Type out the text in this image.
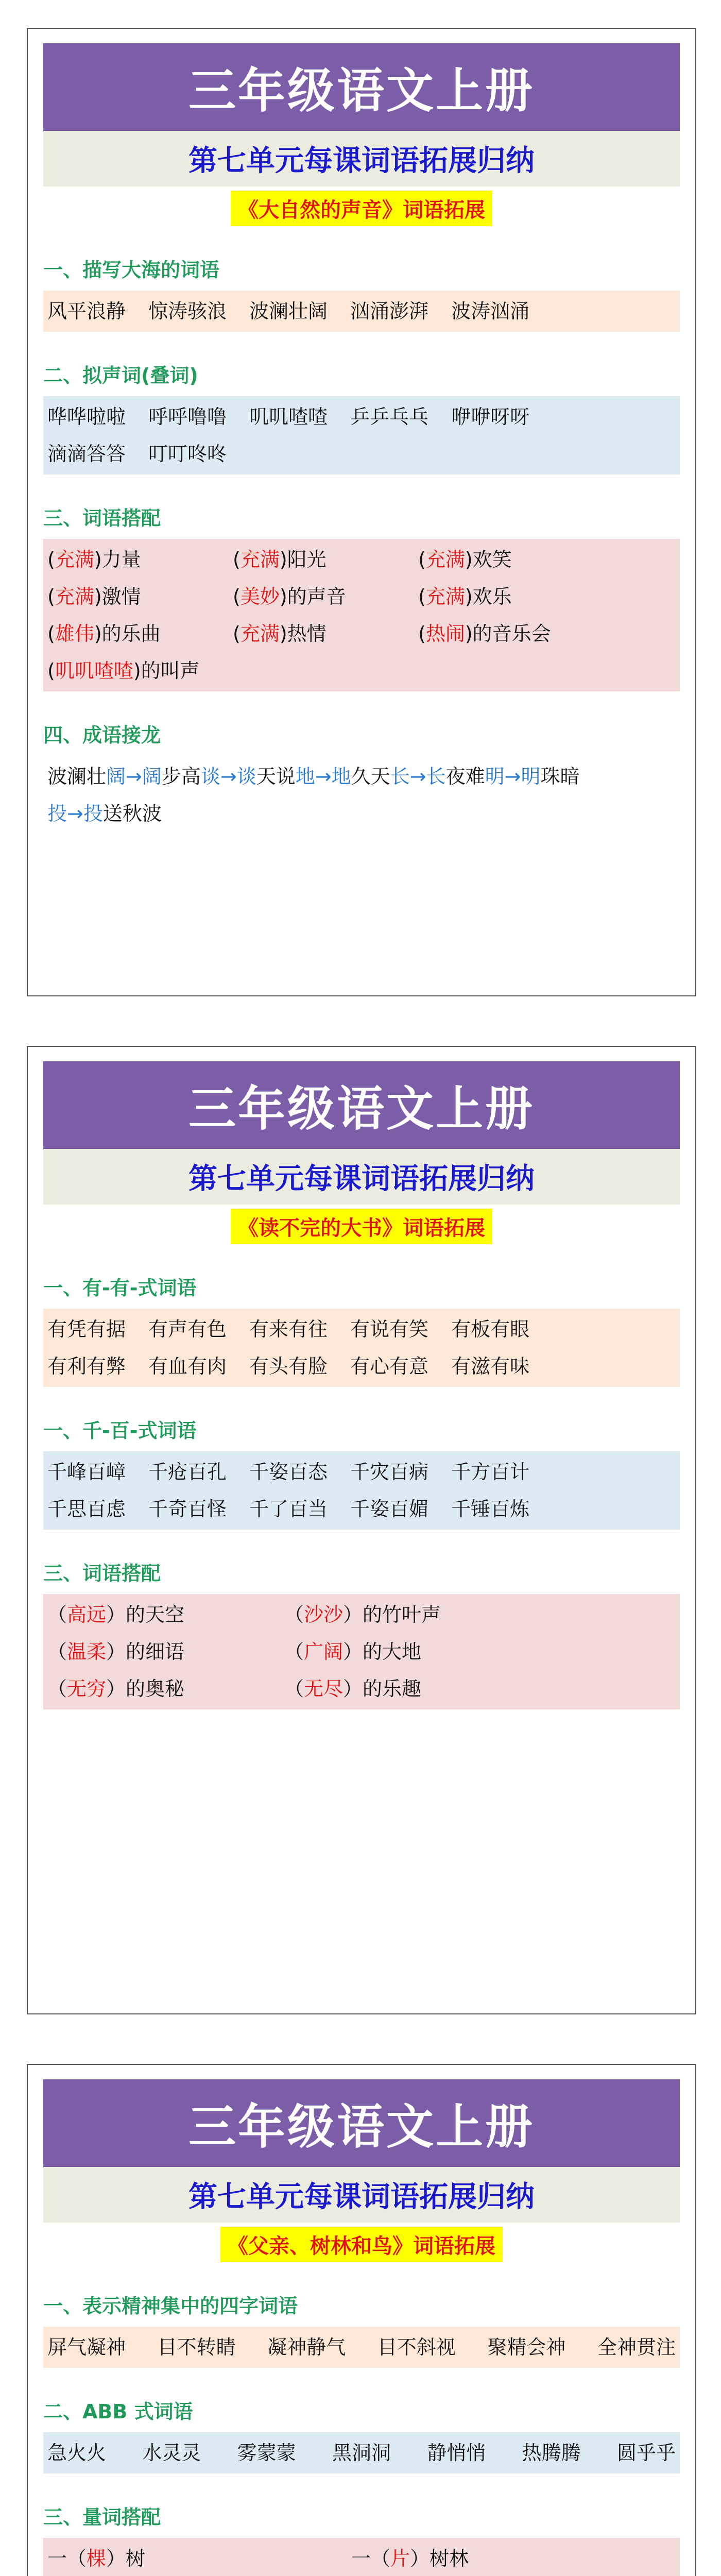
三年级语文上册
第七单元每课词语拓展归纳
《大自然的声音》词语拓展
一、描写大海的词语
风平浪静 惊涛骇浪 波澜壮阔 汹涌澎湃 波涛汹涌
二、拟声词(叠词)
哗哗啦啦 呼呼噜噜 叽叽喳喳 乒乒乓乓 咿咿呀呀
滴滴答答 叮叮咚咚
三、词语搭配
(充满)力量	(充满)阳光	(充满)欢笑
(充满)激情	(美妙)的声音	(充满)欢乐
(雄伟)的乐曲	(充满)热情	(热闹)的音乐会
(叽叽喳喳)的叫声
四、成语接龙
波澜壮阔→阔步高谈→谈天说地→地久天长→长夜难明→明珠暗
投→投送秋波
三年级语文上册
第七单元每课词语拓展归纳
《读不完的大书》词语拓展
一、有-有-式词语
有凭有据 有声有色 有来有往 有说有笑 有板有眼
有利有弊 有血有肉 有头有脸 有心有意 有滋有味
一、千-百-式词语
千峰百嶂 千疮百孔 千姿百态 千灾百病 千方百计
千思百虑 千奇百怪 千了百当 千姿百媚 千锤百炼
三、词语搭配
（高远）的天空	（沙沙）的竹叶声
（温柔）的细语	（广阔）的大地
（无穷）的奥秘	（无尽）的乐趣
三年级语文上册
第七单元每课词语拓展归纳
《父亲、树林和鸟》词语拓展
一、表示精神集中的四字词语
屏气凝神 目不转睛 凝神静气 目不斜视 聚精会神 全神贯注
二、ABB 式词语
急火火 水灵灵 雾蒙蒙 黑洞洞 静悄悄 热腾腾 圆乎乎
三、量词搭配
一（棵）树	一（片）树林
